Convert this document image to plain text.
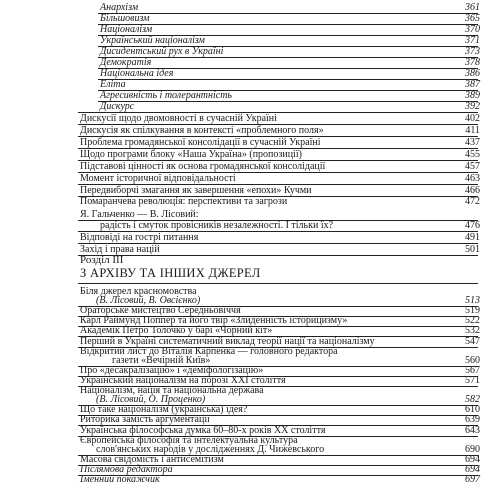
Анархізм	361
Більшовизм	365
Націоналізм	370
Український націоналізм	371
Дисидентський рух в Україні	373
Демократія	378
Національна ідея	386
Еліта	387
Агресивність і толерантність	389
Дискурс	392
Дискусії щодо двомовності в сучасній Україні	402
Дискусія як спілкування в контексті «проблемного поля»	411
Проблема громадянської консолідації в сучасній Україні	437
Щодо програми блоку «Наша Україна» (пропозиції)	455
Підставові цінності як основа громадянської консолідації	457
Момент історичної відповідальності	463
Передвиборчі змагання як завершення «епохи» Кучми	466
Помаранчева революція: перспективи та загрози	472
Я. Гальченко — В. Лісовий:
Розділ III
З АРХІВУ ТА ІНШИХ ДЖЕРЕЛ
радість і смуток провісників незалежності. І тільки їх?	476
Відповіді на гострі питання	491
Захід і права націй	501
Біля джерел красномовства
(В. Лісовий, В. Овсієнко)	513
Ораторське мистецтво Середньовіччя	519
Карл Раймунд Поппер та його твір «Злиденність історицизму»	522
Академік Петро Толочко у барі «Чорний кіт»	532
Перший в Україні систематичний виклад теорії нації та націоналізму	547
Відкритий лист до Віталія Карпенка — головного редактора
газети «Вечірній Київ»	560
Про «десакралізацію» і «деміфологізацію»	567
Український націоналізм на порозі XXI століття	571
Націоналізм, нація та національна держава
(В. Лісовий, О. Проценко)	582
Що таке націоналізм (українська) ідея?	610
Риторика замість аргументації	639
Українська філософська думка 60–80-х років XX століття	643
Європейська філософія та інтелектуальна культура
слов'янських народів у дослідженнях Д. Чижевського	690
Масова свідомість і антисемітизм	694
Післямова редактора	694
Іменний покажчик	697
